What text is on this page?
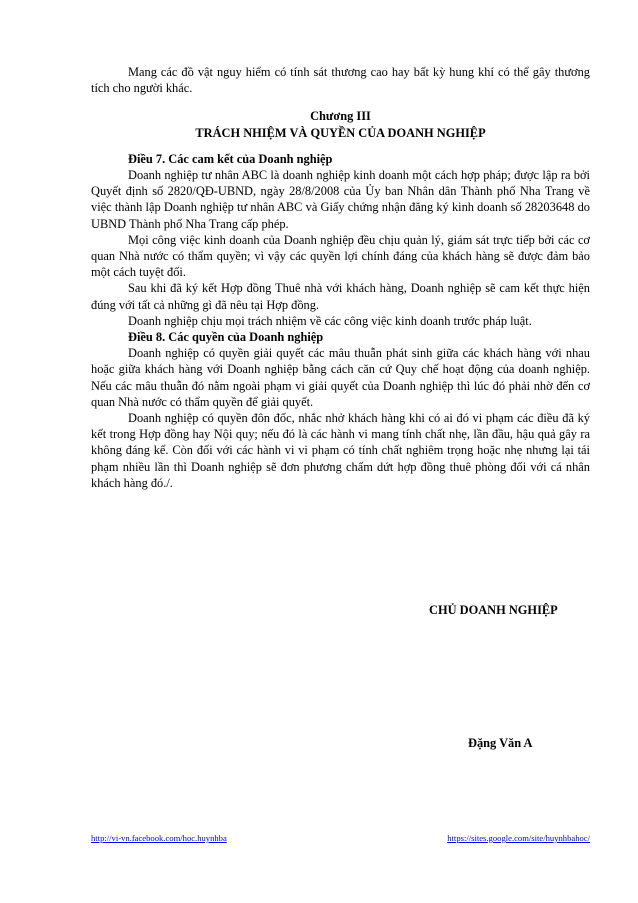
Mang các đồ vật nguy hiểm có tính sát thương cao hay bất kỳ hung khí có thể gây thương tích cho người khác.

Chương III
TRÁCH NHIỆM VÀ QUYỀN CỦA DOANH NGHIỆP
Điều 7. Các cam kết của Doanh nghiệp

Doanh nghiệp tư nhân ABC là doanh nghiệp kinh doanh một cách hợp pháp; được lập ra bởi Quyết định số 2820/QĐ-UBND, ngày 28/8/2008 của Ủy ban Nhân dân Thành phố Nha Trang về việc thành lập Doanh nghiệp tư nhân ABC và Giấy chứng nhận đăng ký kinh doanh số 28203648 do UBND Thành phố Nha Trang cấp phép.

Mọi công việc kinh doanh của Doanh nghiệp đều chịu quản lý, giám sát trực tiếp bởi các cơ quan Nhà nước có thẩm quyền; vì vậy các quyền lợi chính đáng của khách hàng sẽ được đảm bảo một cách tuyệt đối.

Sau khi đã ký kết Hợp đồng Thuê nhà với khách hàng, Doanh nghiệp sẽ cam kết thực hiện đúng với tất cả những gì đã nêu tại Hợp đồng.

Doanh nghiệp chịu mọi trách nhiệm về các công việc kinh doanh trước pháp luật.

Điều 8. Các quyền của Doanh nghiệp

Doanh nghiệp có quyền giải quyết các mâu thuẫn phát sinh giữa các khách hàng với nhau hoặc giữa khách hàng với Doanh nghiệp bằng cách căn cứ Quy chế hoạt động của doanh nghiệp. Nếu các mâu thuẫn đó nằm ngoài phạm vi giải quyết của Doanh nghiệp thì lúc đó phải nhờ đến cơ quan Nhà nước có thẩm quyền để giải quyết.

Doanh nghiệp có quyền đôn đốc, nhắc nhở khách hàng khi có ai đó vi phạm các điều đã ký kết trong Hợp đồng hay Nội quy; nếu đó là các hành vi mang tính chất nhẹ, lần đầu, hậu quả gây ra không đáng kể. Còn đối với các hành vi vi phạm có tính chất nghiêm trọng hoặc nhẹ nhưng lại tái phạm nhiều lần thì Doanh nghiệp sẽ đơn phương chấm dứt hợp đồng thuê phòng đối với cá nhân khách hàng đó./.

CHỦ DOANH NGHIỆP
Đặng Văn A
http://vi-vn.facebook.com/hoc.huynhba	https://sites.google.com/site/huynhbahoc/
